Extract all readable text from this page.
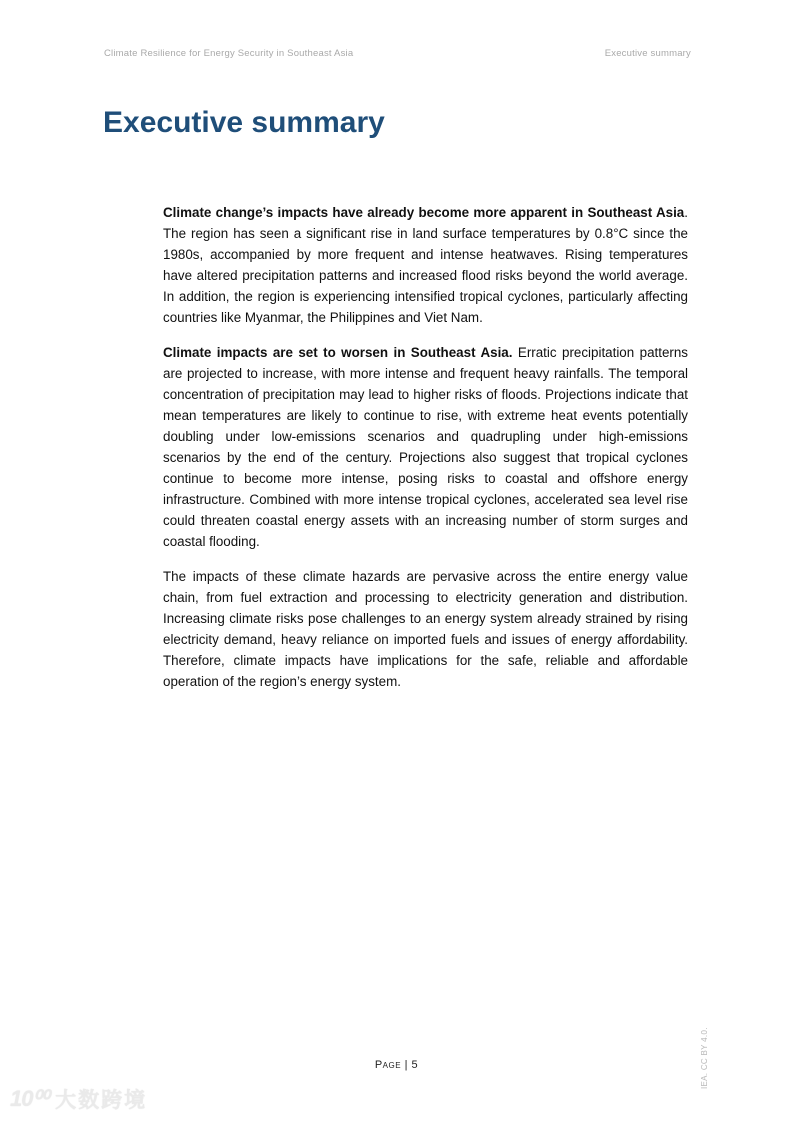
Climate Resilience for Energy Security in Southeast Asia	Executive summary
Executive summary

Climate change’s impacts have already become more apparent in Southeast Asia. The region has seen a significant rise in land surface temperatures by 0.8°C since the 1980s, accompanied by more frequent and intense heatwaves. Rising temperatures have altered precipitation patterns and increased flood risks beyond the world average. In addition, the region is experiencing intensified tropical cyclones, particularly affecting countries like Myanmar, the Philippines and Viet Nam.

Climate impacts are set to worsen in Southeast Asia. Erratic precipitation patterns are projected to increase, with more intense and frequent heavy rainfalls. The temporal concentration of precipitation may lead to higher risks of floods. Projections indicate that mean temperatures are likely to continue to rise, with extreme heat events potentially doubling under low-emissions scenarios and quadrupling under high-emissions scenarios by the end of the century. Projections also suggest that tropical cyclones continue to become more intense, posing risks to coastal and offshore energy infrastructure. Combined with more intense tropical cyclones, accelerated sea level rise could threaten coastal energy assets with an increasing number of storm surges and coastal flooding.

The impacts of these climate hazards are pervasive across the entire energy value chain, from fuel extraction and processing to electricity generation and distribution. Increasing climate risks pose challenges to an energy system already strained by rising electricity demand, heavy reliance on imported fuels and issues of energy affordability. Therefore, climate impacts have implications for the safe, reliable and affordable operation of the region’s energy system.

Page | 5	IEA. CC BY 4.0.
10⁰⁰ 大数跨境
